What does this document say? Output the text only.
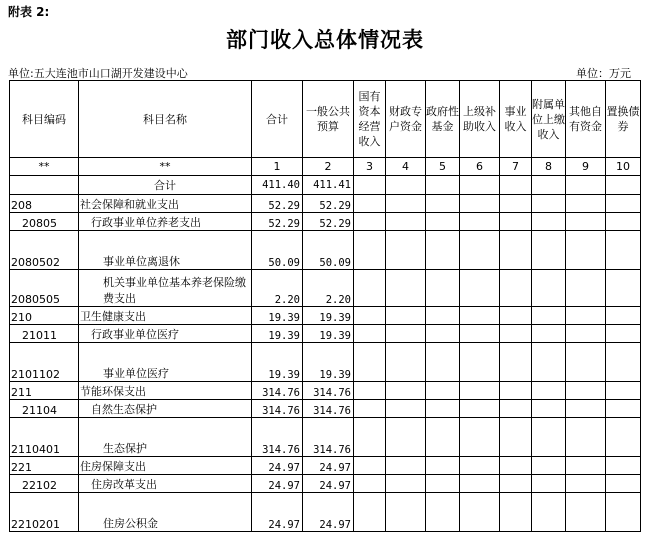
附表 2:
部门收入总体情况表
单位:五大连池市山口湖开发建设中心	单位：万元
科目编码	科目名称	合计	一般公共预算	国有资本经营收入	财政专户资金	政府性基金	上级补助收入	事业收入	附属单位上缴收入	其他自有资金	置换债券
**	**	1	2	3	4	5	6	7	8	9	10
	合计	411.40	411.41								
208	社会保障和就业支出	52.29	52.29								
20805	行政事业单位养老支出	52.29	52.29								
2080502	事业单位离退休	50.09	50.09								
2080505	机关事业单位基本养老保险缴费支出	2.20	2.20								
210	卫生健康支出	19.39	19.39								
21011	行政事业单位医疗	19.39	19.39								
2101102	事业单位医疗	19.39	19.39								
211	节能环保支出	314.76	314.76								
21104	自然生态保护	314.76	314.76								
2110401	生态保护	314.76	314.76								
221	住房保障支出	24.97	24.97								
22102	住房改革支出	24.97	24.97								
2210201	住房公积金	24.97	24.97								
